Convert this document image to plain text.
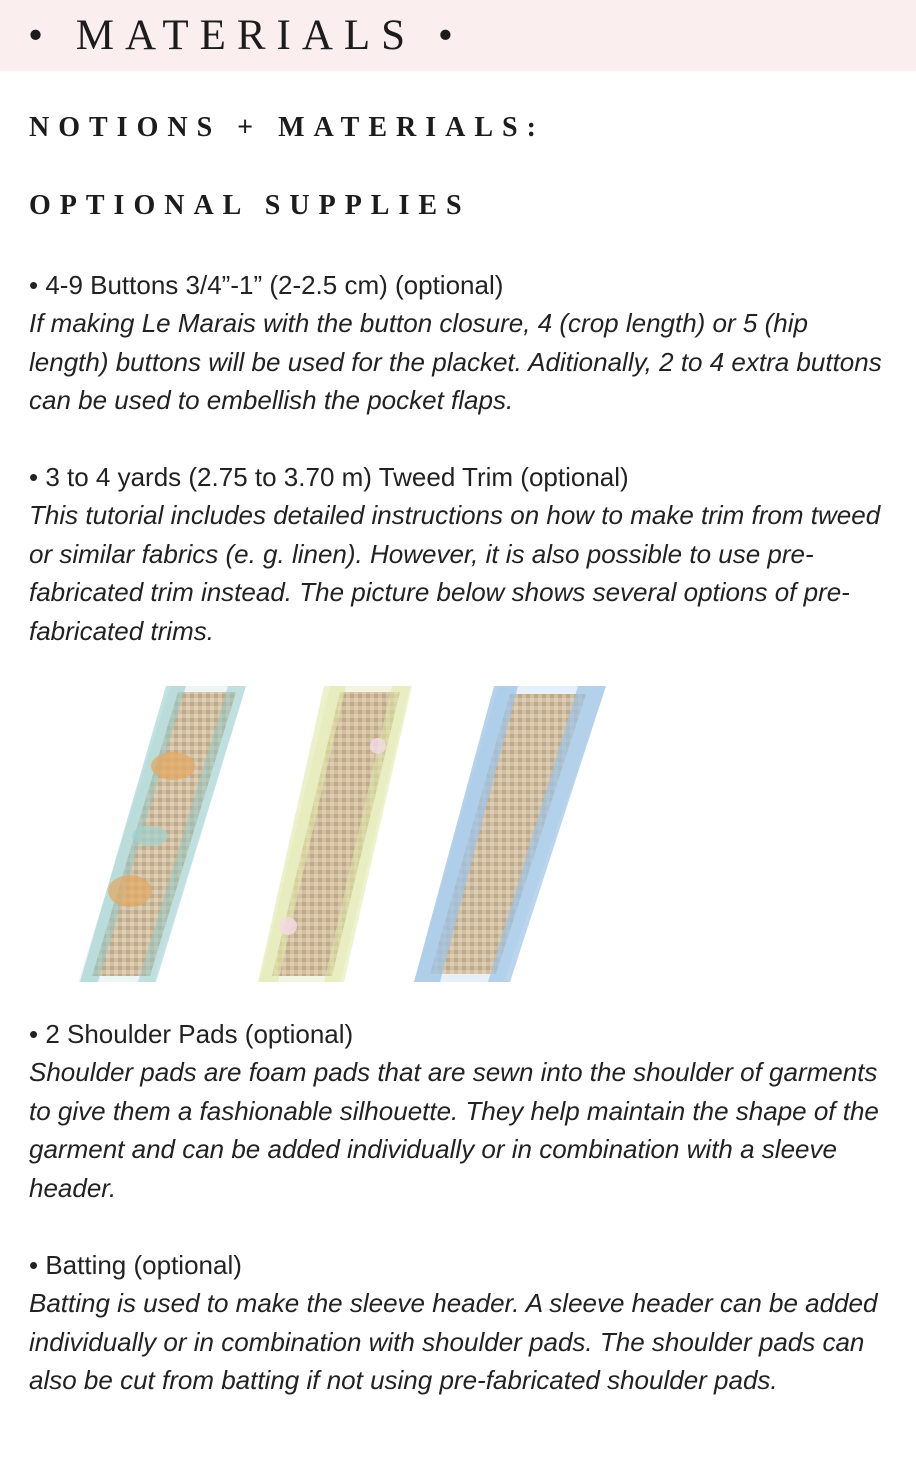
• MATERIALS •
NOTIONS + MATERIALS:
OPTIONAL SUPPLIES
• 4-9 Buttons 3/4”-1” (2-2.5 cm) (optional)
If making Le Marais with the button closure, 4 (crop length) or 5 (hip length) buttons will be used for the placket. Aditionally, 2 to 4 extra buttons can be used to embellish the pocket flaps.
• 3 to 4 yards (2.75 to 3.70 m) Tweed Trim (optional)
This tutorial includes detailed instructions on how to make trim from tweed or similar fabrics (e. g. linen). However, it is also possible to use pre-fabricated trim instead. The picture below shows several options of pre-fabricated trims.
• 2 Shoulder Pads (optional)
Shoulder pads are foam pads that are sewn into the shoulder of garments to give them a fashionable silhouette. They help maintain the shape of the garment and can be added individually or in combination with a sleeve header.
• Batting (optional)
Batting is used to make the sleeve header. A sleeve header can be added individually or in combination with shoulder pads. The shoulder pads can also be cut from batting if not using pre-fabricated shoulder pads.
